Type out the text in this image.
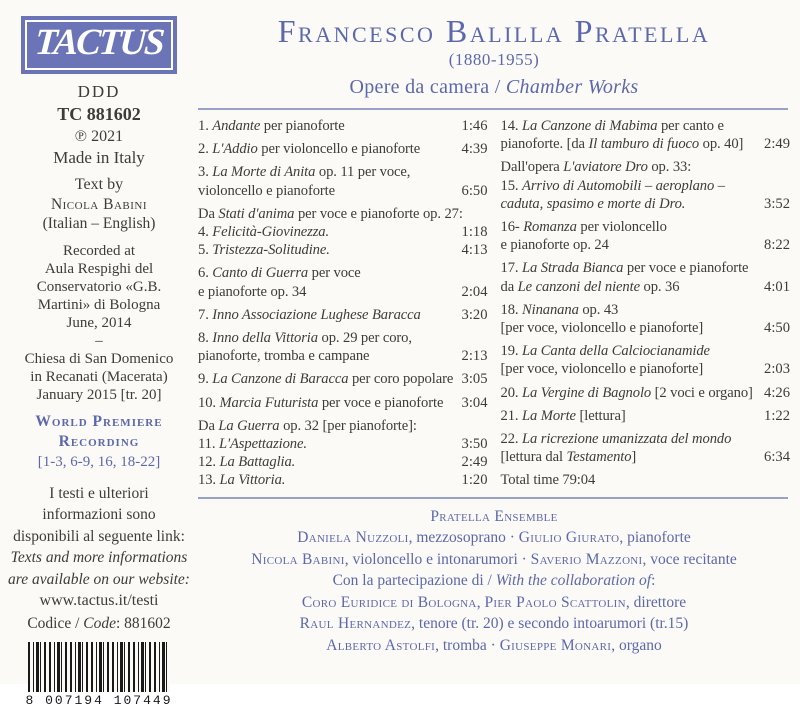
TACTUS
DDD
TC 881602
℗ 2021
Made in Italy
Text by
Nicola Babini
(Italian – English)
Recorded at
Aula Respighi del
Conservatorio «G.B.
Martini» di Bologna
June, 2014
–
Chiesa di San Domenico
in Recanati (Macerata)
January 2015 [tr. 20]
World Premiere
Recording
[1-3, 6-9, 16, 18-22]
I testi e ulteriori
informazioni sono
disponibili al seguente link:
Texts and more informations
are available on our website:
www.tactus.it/testi
Codice / Code: 881602
8 007194 107449
Francesco Balilla Pratella
(1880-1955)
Opere da camera / Chamber Works
1. Andante per pianoforte	1:46
2. L'Addio per violoncello e pianoforte	4:39
3. La Morte di Anita op. 11 per voce,
violoncello e pianoforte	6:50
Da Stati d'anima per voce e pianoforte op. 27:
4. Felicità-Giovinezza.	1:18
5. Tristezza-Solitudine.	4:13
6. Canto di Guerra per voce
e pianoforte op. 34	2:04
7. Inno Associazione Lughese Baracca	3:20
8. Inno della Vittoria op. 29 per coro,
pianoforte, tromba e campane	2:13
9. La Canzone di Baracca per coro popolare 3:05
10. Marcia Futurista per voce e pianoforte 3:04
Da La Guerra op. 32 [per pianoforte]:
11. L'Aspettazione.	3:50
12. La Battaglia.	2:49
13. La Vittoria.	1:20
14. La Canzone di Mabima per canto e
pianoforte. [da Il tamburo di fuoco op. 40] 2:49
Dall'opera L'aviatore Dro op. 33:
15. Arrivo di Automobili – aeroplano –
caduta, spasimo e morte di Dro.	3:52
16- Romanza per violoncello
e pianoforte op. 24	8:22
17. La Strada Bianca per voce e pianoforte
da Le canzoni del niente op. 36	4:01
18. Ninanana op. 43
[per voce, violoncello e pianoforte]	4:50
19. La Canta della Calciocianamide
[per voce, violoncello e pianoforte]	2:03
20. La Vergine di Bagnolo [2 voci e organo] 4:26
21. La Morte [lettura]	1:22
22. La ricrezione umanizzata del mondo
[lettura dal Testamento]	6:34
Total time 79:04
Pratella Ensemble
Daniela Nuzzoli, mezzosoprano · Giulio Giurato, pianoforte
Nicola Babini, violoncello e intonarumori · Saverio Mazzoni, voce recitante
Con la partecipazione di / With the collaboration of:
Coro Euridice di Bologna, Pier Paolo Scattolin, direttore
Raul Hernandez, tenore (tr. 20) e secondo intoarumori (tr.15)
Alberto Astolfi, tromba · Giuseppe Monari, organo
